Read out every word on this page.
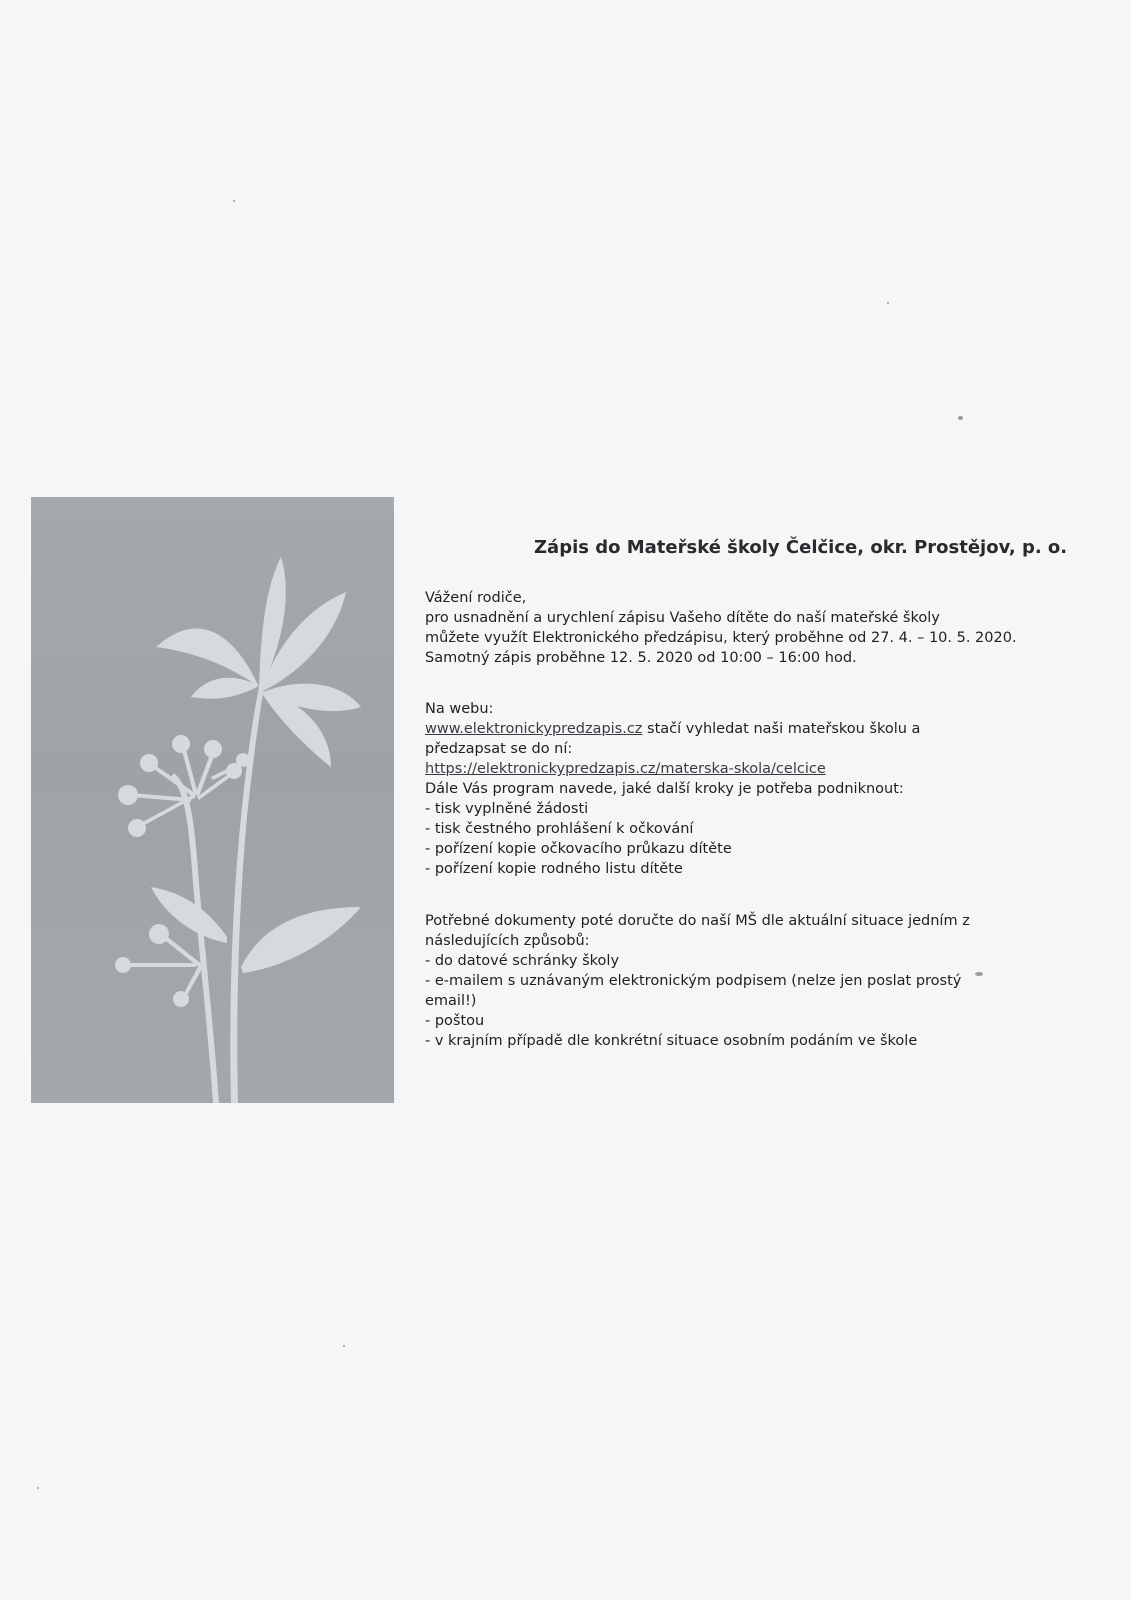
Zápis do Mateřské školy Čelčice, okr. Prostějov, p. o.
Vážení rodiče,
pro usnadnění a urychlení zápisu Vašeho dítěte do naší mateřské školy
můžete využít Elektronického předzápisu, který proběhne od 27. 4. – 10. 5. 2020.
Samotný zápis proběhne 12. 5. 2020 od 10:00 – 16:00 hod.
Na webu:
www.elektronickypredzapis.cz stačí vyhledat naši mateřskou školu a
předzapsat se do ní:
https://elektronickypredzapis.cz/materska-skola/celcice
Dále Vás program navede, jaké další kroky je potřeba podniknout:
- tisk vyplněné žádosti
- tisk čestného prohlášení k očkování
- pořízení kopie očkovacího průkazu dítěte
- pořízení kopie rodného listu dítěte
Potřebné dokumenty poté doručte do naší MŠ dle aktuální situace jedním z
následujících způsobů:
- do datové schránky školy
- e-mailem s uznávaným elektronickým podpisem (nelze jen poslat prostý
email!)
- poštou
- v krajním případě dle konkrétní situace osobním podáním ve škole
